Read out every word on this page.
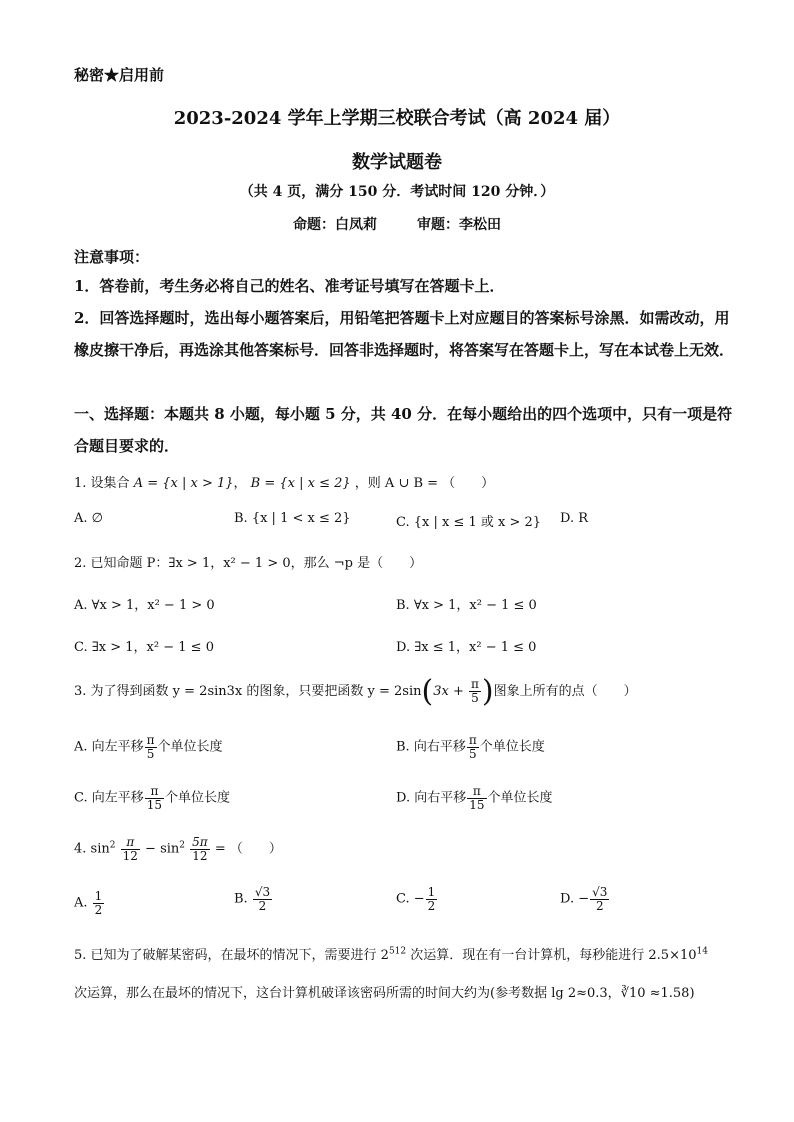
秘密★启用前
2023-2024 学年上学期三校联合考试（高 2024 届）
数学试题卷
（共 4 页，满分 150 分．考试时间 120 分钟．）
命题：白凤莉	审题：李松田
注意事项：
1．答卷前，考生务必将自己的姓名、准考证号填写在答题卡上．
2．回答选择题时，选出每小题答案后，用铅笔把答题卡上对应题目的答案标号涂黑．如需改动，用橡皮擦干净后，再选涂其他答案标号．回答非选择题时，将答案写在答题卡上，写在本试卷上无效．
一、选择题：本题共 8 小题，每小题 5 分，共 40 分．在每小题给出的四个选项中，只有一项是符合题目要求的．
1. 设集合 A = {x | x > 1}， B = {x | x ≤ 2} ，则 A ∪ B = （　　）
A. ∅	B. {x | 1 < x ≤ 2}	C. {x | x ≤ 1 或 x > 2} D. R
2. 已知命题 P：∃x > 1，x² − 1 > 0，那么 ¬p 是（　　）
A. ∀x > 1，x² − 1 > 0	B. ∀x > 1，x² − 1 ≤ 0
C. ∃x > 1，x² − 1 ≤ 0	D. ∃x ≤ 1，x² − 1 ≤ 0
3. 为了得到函数 y = 2sin3x 的图象，只要把函数 $y = 2\sin(3x + \frac{\pi}{5}$ )图象上所有的点（　　）
A. 向左平移 $\frac{\pi}{5}$ 个单位长度	B. 向右平移 $\frac{\pi}{5}$ 个单位长度
C. 向左平移 $\frac{\pi}{15}$ 个单位长度	D. 向右平移 $\frac{\pi}{15}$ 个单位长度
4. $\sin^2 \frac{\pi}{12} - \sin^2 \frac{5\pi}{12}$ = （　　）
A. $\frac{1}{2}$	B. $\frac{√3}{2}$	C. − $\frac{1}{2}$	D. − $\frac{√3}{2}$
5. 已知为了破解某密码，在最坏的情况下，需要进行 $2^{512}$ 次运算．现在有一台计算机，每秒能进行 $2.5\times 10^{14}$
次运算，那么在最坏的情况下，这台计算机破译该密码所需的时间大约为(参考数据 lg 2≈0.3，∛10 ≈1.58)
